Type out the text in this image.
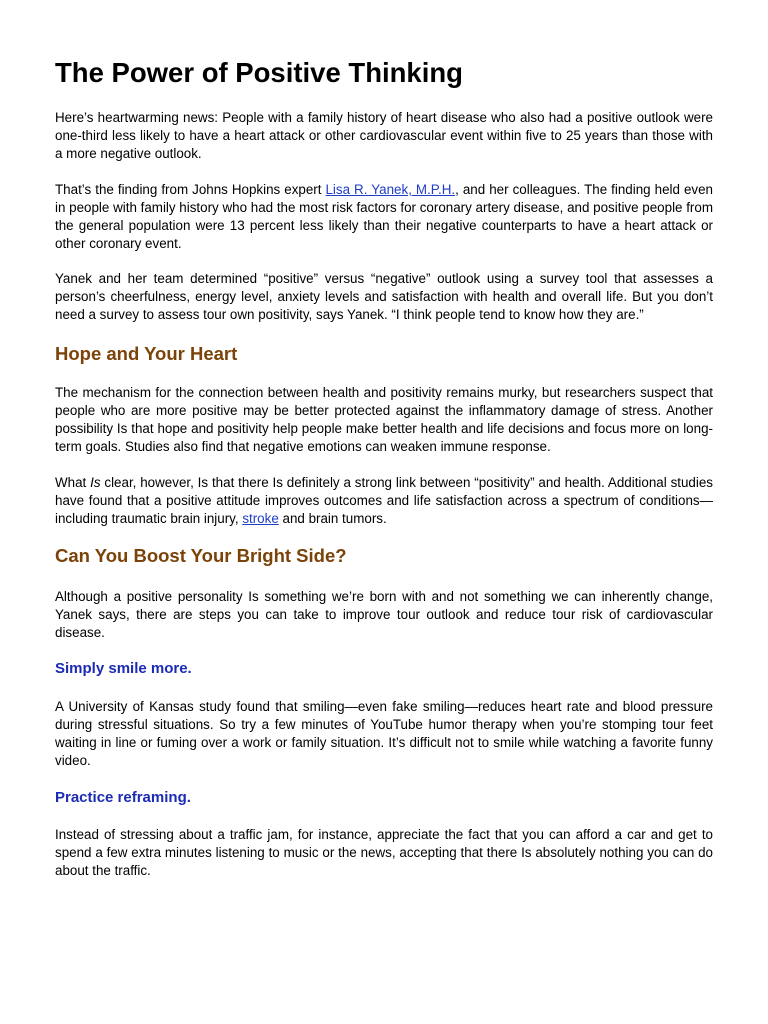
The Power of Positive Thinking

Here’s heartwarming news: People with a family history of heart disease who also had a positive outlook were one-third less likely to have a heart attack or other cardiovascular event within five to 25 years than those with a more negative outlook.

That’s the finding from Johns Hopkins expert Lisa R. Yanek, M.P.H., and her colleagues. The finding held even in people with family history who had the most risk factors for coronary artery disease, and positive people from the general population were 13 percent less likely than their negative counterparts to have a heart attack or other coronary event.

Yanek and her team determined “positive” versus “negative” outlook using a survey tool that assesses a person’s cheerfulness, energy level, anxiety levels and satisfaction with health and overall life. But you don’t need a survey to assess tour own positivity, says Yanek. “I think people tend to know how they are.”

Hope and Your Heart

The mechanism for the connection between health and positivity remains murky, but researchers suspect that people who are more positive may be better protected against the inflammatory damage of stress. Another possibility Is that hope and positivity help people make better health and life decisions and focus more on long-term goals. Studies also find that negative emotions can weaken immune response.

What Is clear, however, Is that there Is definitely a strong link between “positivity” and health. Additional studies have found that a positive attitude improves outcomes and life satisfaction across a spectrum of conditions—including traumatic brain injury, stroke and brain tumors.

Can You Boost Your Bright Side?

Although a positive personality Is something we’re born with and not something we can inherently change, Yanek says, there are steps you can take to improve tour outlook and reduce tour risk of cardiovascular disease.

Simply smile more.

A University of Kansas study found that smiling—even fake smiling—reduces heart rate and blood pressure during stressful situations. So try a few minutes of YouTube humor therapy when you’re stomping tour feet waiting in line or fuming over a work or family situation. It’s difficult not to smile while watching a favorite funny video.

Practice reframing.

Instead of stressing about a traffic jam, for instance, appreciate the fact that you can afford a car and get to spend a few extra minutes listening to music or the news, accepting that there Is absolutely nothing you can do about the traffic.
